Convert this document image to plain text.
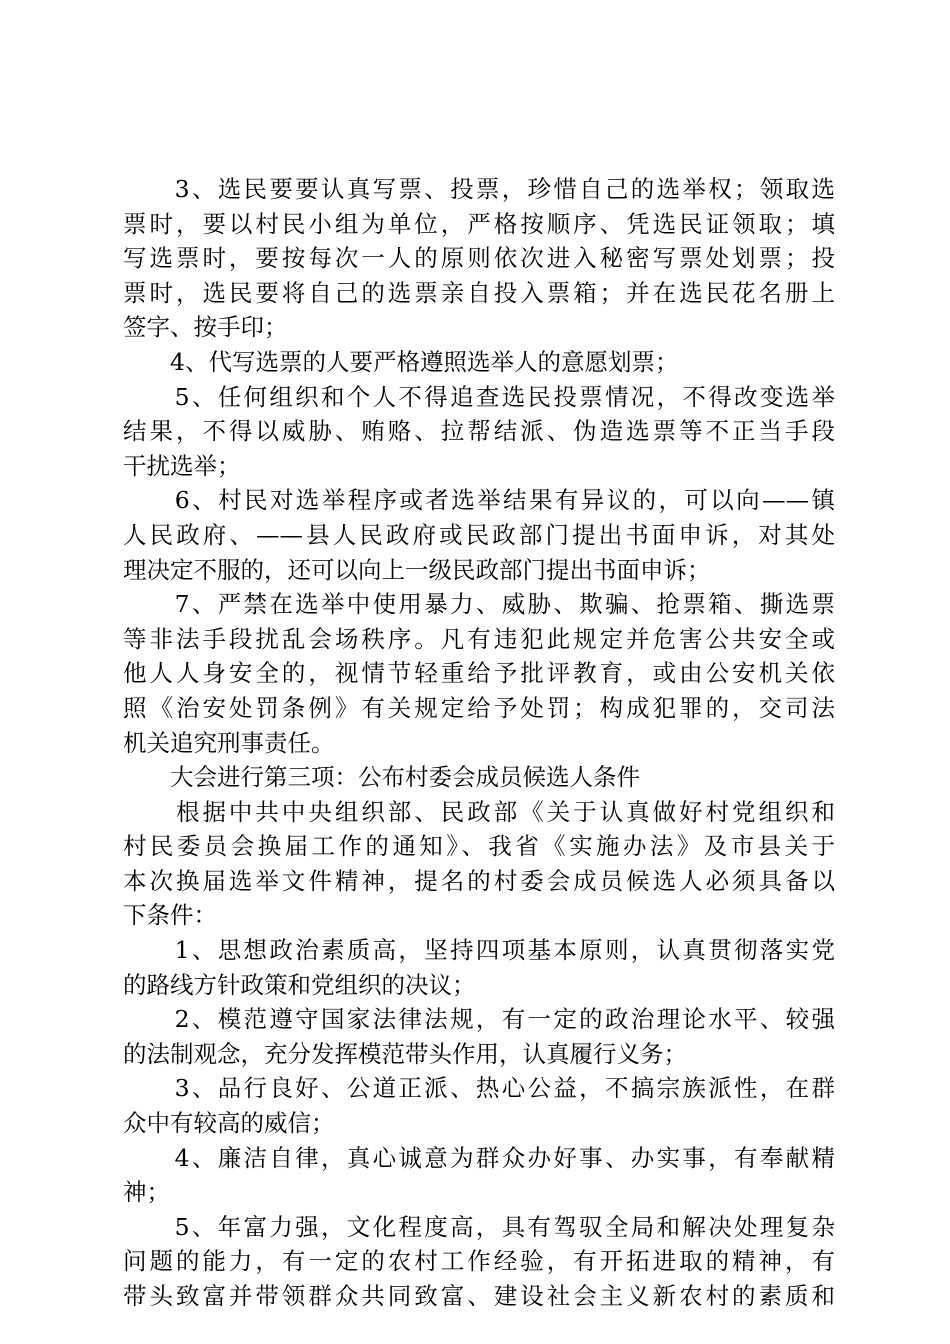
　　3、选民要要认真写票、投票，珍惜自己的选举权；领取选
票时，要以村民小组为单位，严格按顺序、凭选民证领取；填
写选票时，要按每次一人的原则依次进入秘密写票处划票；投
票时，选民要将自己的选票亲自投入票箱；并在选民花名册上
签字、按手印；
　　4、代写选票的人要严格遵照选举人的意愿划票；
　　5、任何组织和个人不得追查选民投票情况，不得改变选举
结果，不得以威胁、贿赂、拉帮结派、伪造选票等不正当手段
干扰选举；
　　6、村民对选举程序或者选举结果有异议的，可以向——镇
人民政府、——县人民政府或民政部门提出书面申诉，对其处
理决定不服的，还可以向上一级民政部门提出书面申诉；
　　7、严禁在选举中使用暴力、威胁、欺骗、抢票箱、撕选票
等非法手段扰乱会场秩序。凡有违犯此规定并危害公共安全或
他人人身安全的，视情节轻重给予批评教育，或由公安机关依
照《治安处罚条例》有关规定给予处罚；构成犯罪的，交司法
机关追究刑事责任。
　　大会进行第三项：公布村委会成员候选人条件
　　根据中共中央组织部、民政部《关于认真做好村党组织和
村民委员会换届工作的通知》、我省《实施办法》及市县关于
本次换届选举文件精神，提名的村委会成员候选人必须具备以
下条件：
　　1、思想政治素质高，坚持四项基本原则，认真贯彻落实党
的路线方针政策和党组织的决议；
　　2、模范遵守国家法律法规，有一定的政治理论水平、较强
的法制观念，充分发挥模范带头作用，认真履行义务；
　　3、品行良好、公道正派、热心公益，不搞宗族派性，在群
众中有较高的威信；
　　4、廉洁自律，真心诚意为群众办好事、办实事，有奉献精
神；
　　5、年富力强，文化程度高，具有驾驭全局和解决处理复杂
问题的能力，有一定的农村工作经验，有开拓进取的精神，有
带头致富并带领群众共同致富、建设社会主义新农村的素质和
